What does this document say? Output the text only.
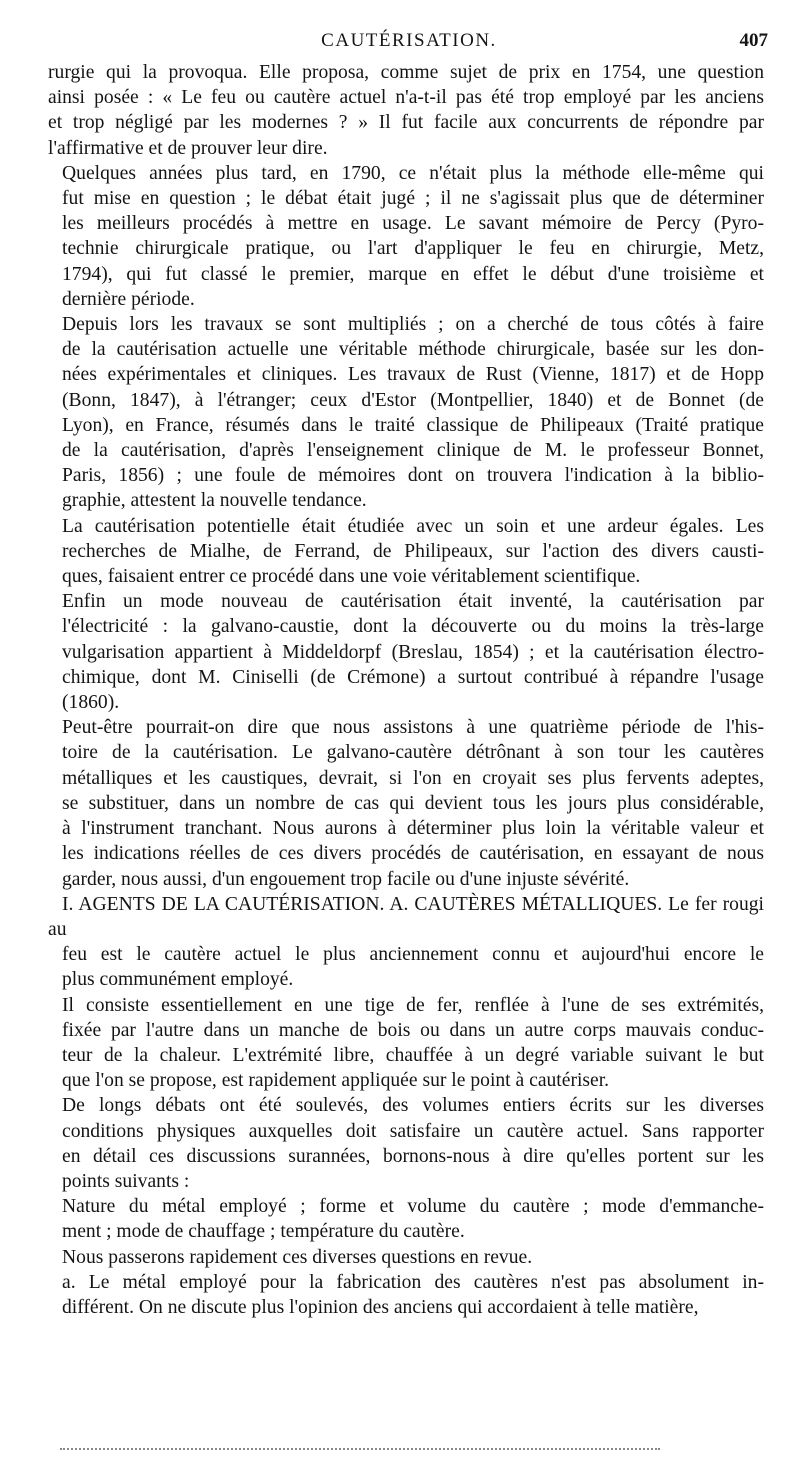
CAUTÉRISATION.	407

rurgie qui la provoqua. Elle proposa, comme sujet de prix en 1754, une question
ainsi posée : « Le feu ou cautère actuel n'a-t-il pas été trop employé par les anciens
et trop négligé par les modernes ? » Il fut facile aux concurrents de répondre par
l'affirmative et de prouver leur dire.

Quelques années plus tard, en 1790, ce n'était plus la méthode elle-même qui
fut mise en question ; le débat était jugé ; il ne s'agissait plus que de déterminer
les meilleurs procédés à mettre en usage. Le savant mémoire de Percy (Pyro-
technie chirurgicale pratique, ou l'art d'appliquer le feu en chirurgie, Metz,
1794), qui fut classé le premier, marque en effet le début d'une troisième et
dernière période.

Depuis lors les travaux se sont multipliés ; on a cherché de tous côtés à faire
de la cautérisation actuelle une véritable méthode chirurgicale, basée sur les don-
nées expérimentales et cliniques. Les travaux de Rust (Vienne, 1817) et de Hopp
(Bonn, 1847), à l'étranger; ceux d'Estor (Montpellier, 1840) et de Bonnet (de
Lyon), en France, résumés dans le traité classique de Philipeaux (Traité pratique
de la cautérisation, d'après l'enseignement clinique de M. le professeur Bonnet,
Paris, 1856) ; une foule de mémoires dont on trouvera l'indication à la biblio-
graphie, attestent la nouvelle tendance.

La cautérisation potentielle était étudiée avec un soin et une ardeur égales. Les
recherches de Mialhe, de Ferrand, de Philipeaux, sur l'action des divers causti-
ques, faisaient entrer ce procédé dans une voie véritablement scientifique.

Enfin un mode nouveau de cautérisation était inventé, la cautérisation par
l'électricité : la galvano-caustie, dont la découverte ou du moins la très-large
vulgarisation appartient à Middeldorpf (Breslau, 1854) ; et la cautérisation électro-
chimique, dont M. Ciniselli (de Crémone) a surtout contribué à répandre l'usage
(1860).

Peut-être pourrait-on dire que nous assistons à une quatrième période de l'his-
toire de la cautérisation. Le galvano-cautère détrônant à son tour les cautères
métalliques et les caustiques, devrait, si l'on en croyait ses plus fervents adeptes,
se substituer, dans un nombre de cas qui devient tous les jours plus considérable,
à l'instrument tranchant. Nous aurons à déterminer plus loin la véritable valeur et
les indications réelles de ces divers procédés de cautérisation, en essayant de nous
garder, nous aussi, d'un engouement trop facile ou d'une injuste sévérité.

I. AGENTS DE LA CAUTÉRISATION. A. CAUTÈRES MÉTALLIQUES. Le fer rougi au
feu est le cautère actuel le plus anciennement connu et aujourd'hui encore le
plus communément employé.

Il consiste essentiellement en une tige de fer, renflée à l'une de ses extrémités,
fixée par l'autre dans un manche de bois ou dans un autre corps mauvais conduc-
teur de la chaleur. L'extrémité libre, chauffée à un degré variable suivant le but
que l'on se propose, est rapidement appliquée sur le point à cautériser.

De longs débats ont été soulevés, des volumes entiers écrits sur les diverses
conditions physiques auxquelles doit satisfaire un cautère actuel. Sans rapporter
en détail ces discussions surannées, bornons-nous à dire qu'elles portent sur les
points suivants :

Nature du métal employé ; forme et volume du cautère ; mode d'emmanche-
ment ; mode de chauffage ; température du cautère.

Nous passerons rapidement ces diverses questions en revue.

a. Le métal employé pour la fabrication des cautères n'est pas absolument in-
différent. On ne discute plus l'opinion des anciens qui accordaient à telle matière,
